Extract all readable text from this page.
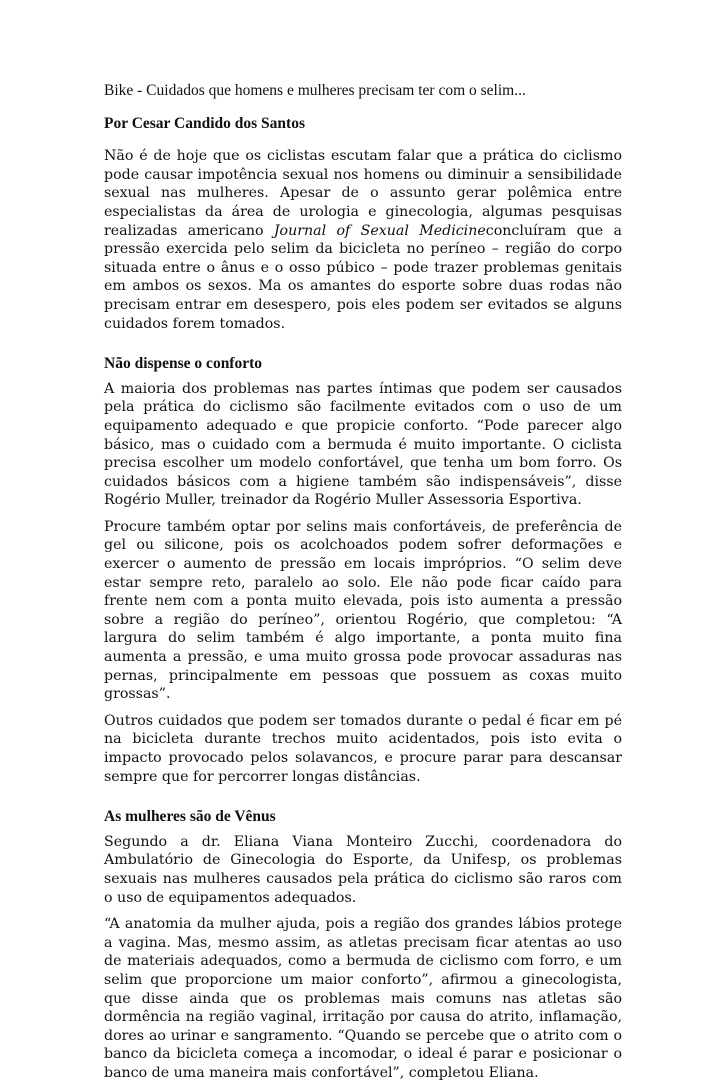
Bike - Cuidados que homens e mulheres precisam ter com o selim...

Por Cesar Candido dos Santos

Não é de hoje que os ciclistas escutam falar que a prática do ciclismo pode causar impotência sexual nos homens ou diminuir a sensibilidade sexual nas mulheres. Apesar de o assunto gerar polêmica entre especialistas da área de urologia e ginecologia, algumas pesquisas realizadas americano Journal of Sexual Medicineconcluíram que a pressão exercida pelo selim da bicicleta no períneo – região do corpo situada entre o ânus e o osso púbico – pode trazer problemas genitais em ambos os sexos. Ma os amantes do esporte sobre duas rodas não precisam entrar em desespero, pois eles podem ser evitados se alguns cuidados forem tomados.

Não dispense o conforto

A maioria dos problemas nas partes íntimas que podem ser causados pela prática do ciclismo são facilmente evitados com o uso de um equipamento adequado e que propicie conforto. “Pode parecer algo básico, mas o cuidado com a bermuda é muito importante. O ciclista precisa escolher um modelo confortável, que tenha um bom forro. Os cuidados básicos com a higiene também são indispensáveis”, disse Rogério Muller, treinador da Rogério Muller Assessoria Esportiva.

Procure também optar por selins mais confortáveis, de preferência de gel ou silicone, pois os acolchoados podem sofrer deformações e exercer o aumento de pressão em locais impróprios. “O selim deve estar sempre reto, paralelo ao solo. Ele não pode ficar caído para frente nem com a ponta muito elevada, pois isto aumenta a pressão sobre a região do períneo”, orientou Rogério, que completou: “A largura do selim também é algo importante, a ponta muito fina aumenta a pressão, e uma muito grossa pode provocar assaduras nas pernas, principalmente em pessoas que possuem as coxas muito grossas”.

Outros cuidados que podem ser tomados durante o pedal é ficar em pé na bicicleta durante trechos muito acidentados, pois isto evita o impacto provocado pelos solavancos, e procure parar para descansar sempre que for percorrer longas distâncias.

As mulheres são de Vênus

Segundo a dr. Eliana Viana Monteiro Zucchi, coordenadora do Ambulatório de Ginecologia do Esporte, da Unifesp, os problemas sexuais nas mulheres causados pela prática do ciclismo são raros com o uso de equipamentos adequados.

“A anatomia da mulher ajuda, pois a região dos grandes lábios protege a vagina. Mas, mesmo assim, as atletas precisam ficar atentas ao uso de materiais adequados, como a bermuda de ciclismo com forro, e um selim que proporcione um maior conforto”, afirmou a ginecologista, que disse ainda que os problemas mais comuns nas atletas são dormência na região vaginal, irritação por causa do atrito, inflamação, dores ao urinar e sangramento. “Quando se percebe que o atrito com o banco da bicicleta começa a incomodar, o ideal é parar e posicionar o banco de uma maneira mais confortável”, completou Eliana.
